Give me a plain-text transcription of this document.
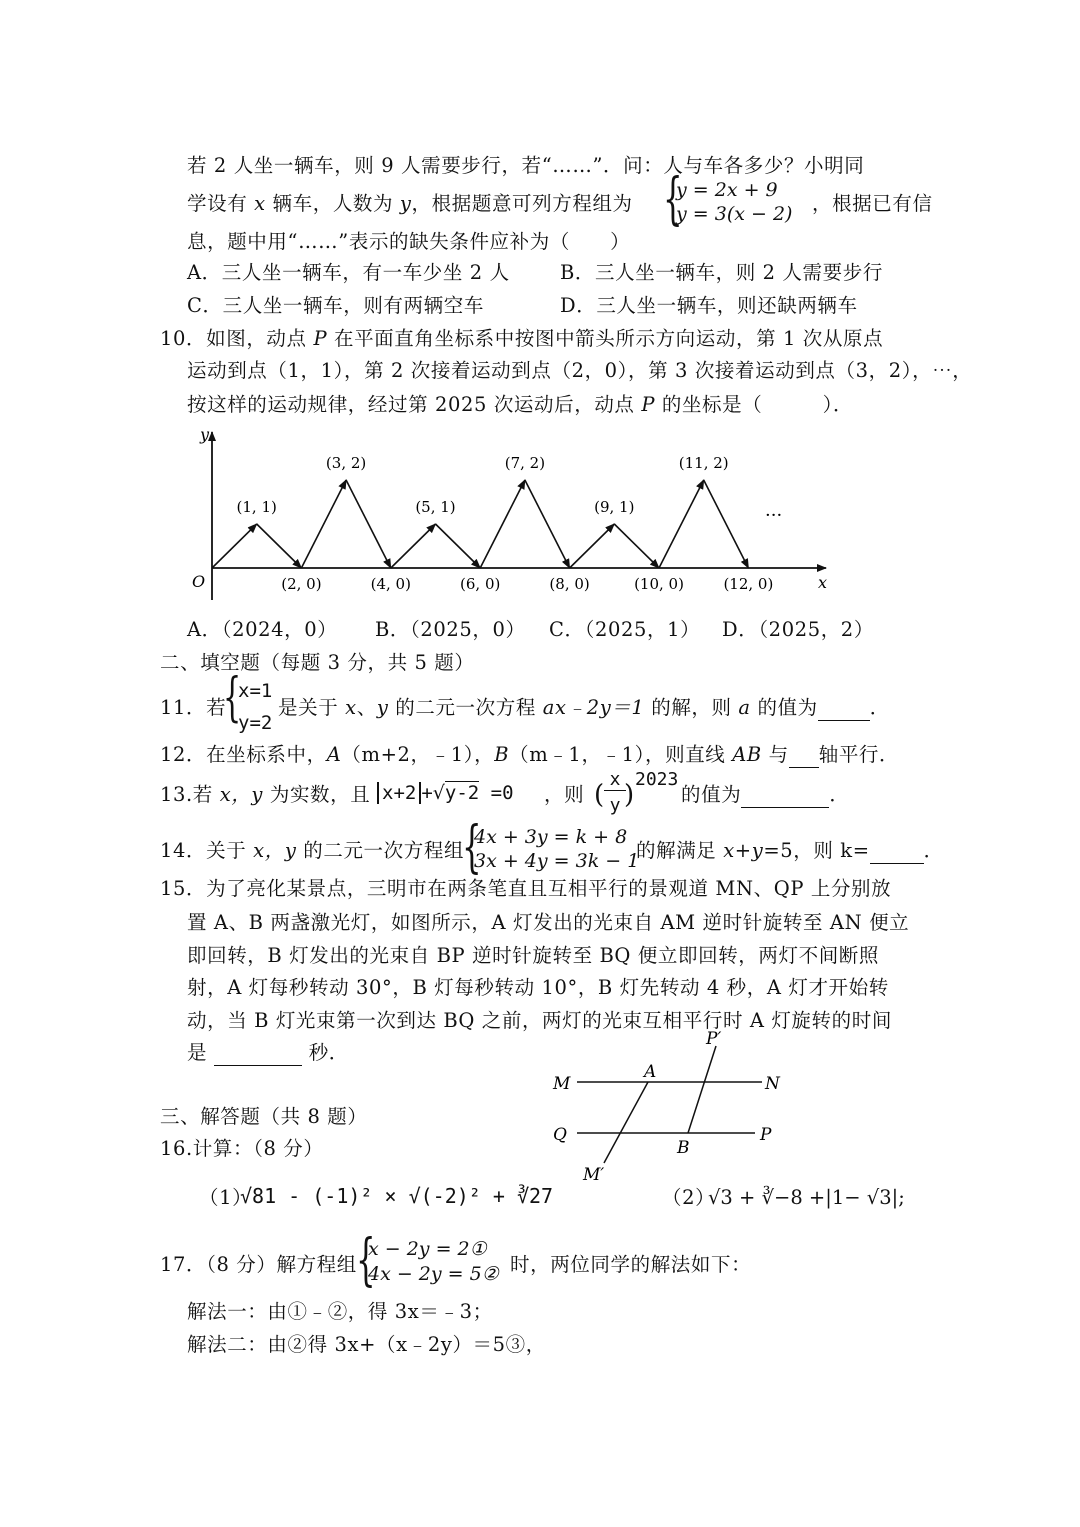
若 2 人坐一辆车，则 9 人需要步行，若“……”．问：人与车各多少？小明同
学设有 x 辆车，人数为 y，根据题意可列方程组为 {
y = 2x + 9
y = 3(x − 2) ，根据已有信
息，题中用“……”表示的缺失条件应补为（　　）
A．三人坐一辆车，有一车少坐 2 人	B．三人坐一辆车，则 2 人需要步行
C．三人坐一辆车，则有两辆空车	D．三人坐一辆车，则还缺两辆车
10．如图，动点 P 在平面直角坐标系中按图中箭头所示方向运动，第 1 次从原点
运动到点（1，1），第 2 次接着运动到点（2，0），第 3 次接着运动到点（3，2），⋯，
按这样的运动规律，经过第 2025 次运动后，动点 P 的坐标是（　　　）．
y
x
O
(1, 1)
(2, 0)
(3, 2)
(4, 0)
(5, 1)
(6, 0)
(7, 2)
(8, 0)
(9, 1)
(10, 0)
(11, 2)
(12, 0)
···
A．（2024，0） B．（2025，0） C．（2025，1） D．（2025，2）
二、填空题（每题 3 分，共 5 题）
11．若
{
x=1
y=2
是关于 x、y 的二元一次方程 ax﹣2y＝1 的解，则 a 的值为	．
12．在坐标系中，A（m+2，﹣1），B（m﹣1，﹣1），则直线 AB 与 轴平行．
13.若 x，y 为实数，且 x+2 +√y-2 =0 ，则 (
x
y )
2023
的值为	．
14．关于 x，y 的二元一次方程组
{
4x + 3y = k + 8
3x + 4y = 3k − 1
的解满足 x+y=5，则 k=	．
15．为了亮化某景点，三明市在两条笔直且互相平行的景观道 MN、QP 上分别放
置 A、B 两盏激光灯，如图所示，A 灯发出的光束自 AM 逆时针旋转至 AN 便立
即回转，B 灯发出的光束自 BP 逆时针旋转至 BQ 便立即回转，两灯不间断照
射，A 灯每秒转动 30°，B 灯每秒转动 10°，B 灯先转动 4 秒，A 灯才开始转
动，当 B 灯光束第一次到达 BQ 之前，两灯的光束互相平行时 A 灯旋转的时间
是	秒．
P′
M
A
N
Q
B
P
M′
三、解答题（共 8 题）
16.计算：（8 分）
（1）
√81 - (-1)² × √(-2)² + ∛27	（2）
√3 + ∛−8 +|1− √3|;
17．（8 分）解方程组 {
x − 2y = 2①
4x − 2y = 5② 时，两位同学的解法如下：
解法一：由①﹣②，得 3x＝﹣3；
解法二：由②得 3x+（x﹣2y）＝5③，
